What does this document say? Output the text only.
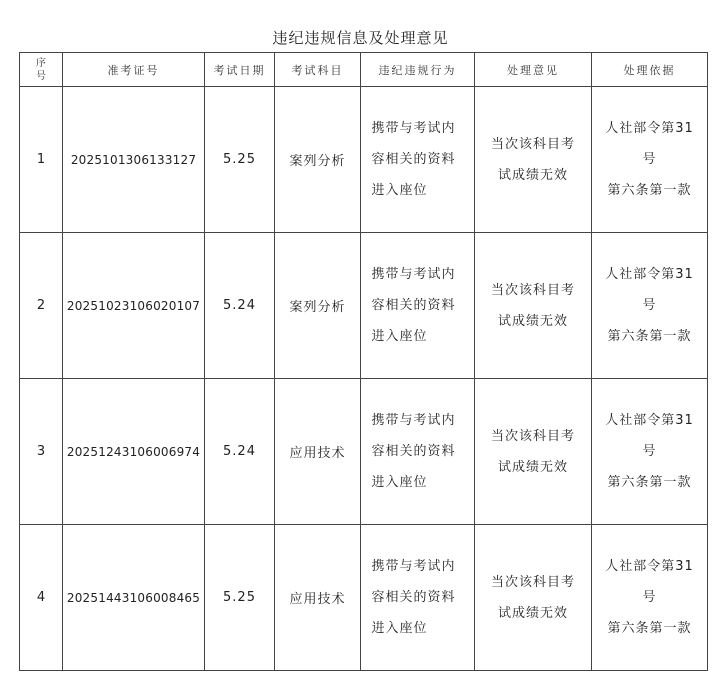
违纪违规信息及处理意见
序
号	准考证号	考试日期	考试科目	违纪违规行为	处理意见	处理依据
1	2025101306133127	5.25	案列分析	携带与考试内
容相关的资料
进入座位	当次该科目考
试成绩无效	人社部令第31
号
第六条第一款

2	20251023106020107	5.24	案列分析	携带与考试内
容相关的资料
进入座位	当次该科目考
试成绩无效	人社部令第31
号
第六条第一款

3	20251243106006974	5.24	应用技术	携带与考试内
容相关的资料
进入座位	当次该科目考
试成绩无效	人社部令第31
号
第六条第一款

4	20251443106008465	5.25	应用技术	携带与考试内
容相关的资料
进入座位	当次该科目考
试成绩无效	人社部令第31
号
第六条第一款
